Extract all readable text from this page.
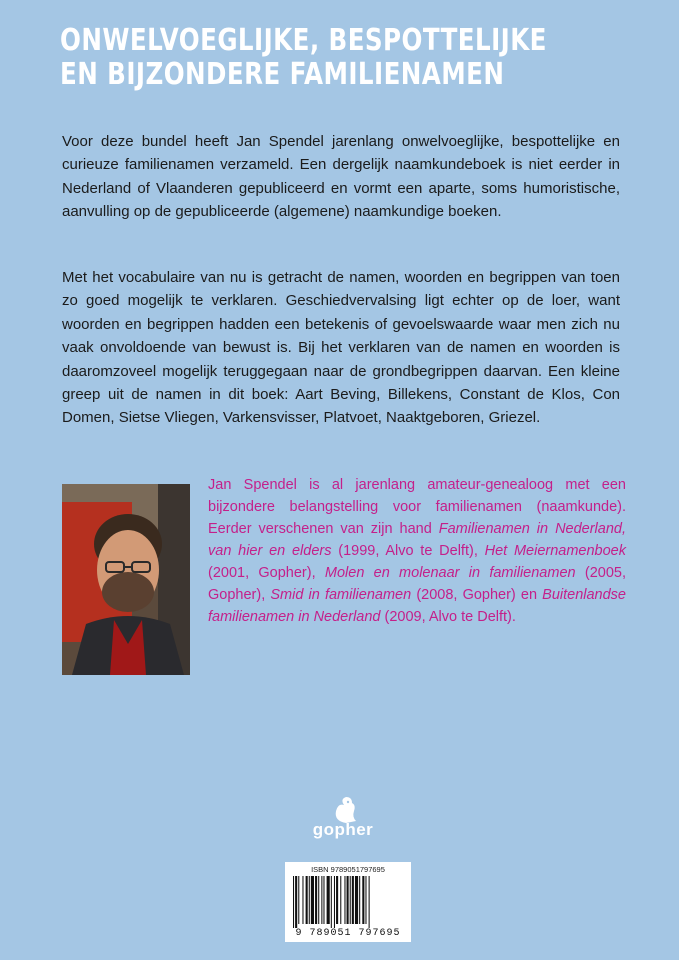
ONWELVOEGLIJKE, BESPOTTELIJKE
EN BIJZONDERE FAMILIENAMEN

Voor deze bundel heeft Jan Spendel jarenlang onwelvoeglijke, bespottelijke en curieuze familienamen verzameld. Een dergelijk naamkundeboek is niet eerder in Nederland of Vlaanderen gepubliceerd en vormt een aparte, soms humoristische, aanvulling op de gepubliceerde (algemene) naamkundige boeken.

Met het vocabulaire van nu is getracht de namen, woorden en begrippen van toen zo goed mogelijk te verklaren. Geschiedvervalsing ligt echter op de loer, want woorden en begrippen hadden een betekenis of gevoelswaarde waar men zich nu vaak onvoldoende van bewust is. Bij het verklaren van de namen en woorden is daaromzoveel mogelijk teruggegaan naar de grondbegrippen daarvan. Een kleine greep uit de namen in dit boek: Aart Beving, Billekens, Constant de Klos, Con Domen, Sietse Vliegen, Varkensvisser, Platvoet, Naaktgeboren, Griezel.

Jan Spendel is al jarenlang amateur-genealoog met een bijzondere belangstelling voor familienamen (naamkunde). Eerder verschenen van zijn hand Familienamen in Nederland, van hier en elders (1999, Alvo te Delft), Het Meiernamenboek (2001, Gopher), Molen en molenaar in familienamen (2005, Gopher), Smid in familienamen (2008, Gopher) en Buitenlandse familienamen in Nederland (2009, Alvo te Delft).
gopher
ISBN 9789051797695
9 789051 797695
